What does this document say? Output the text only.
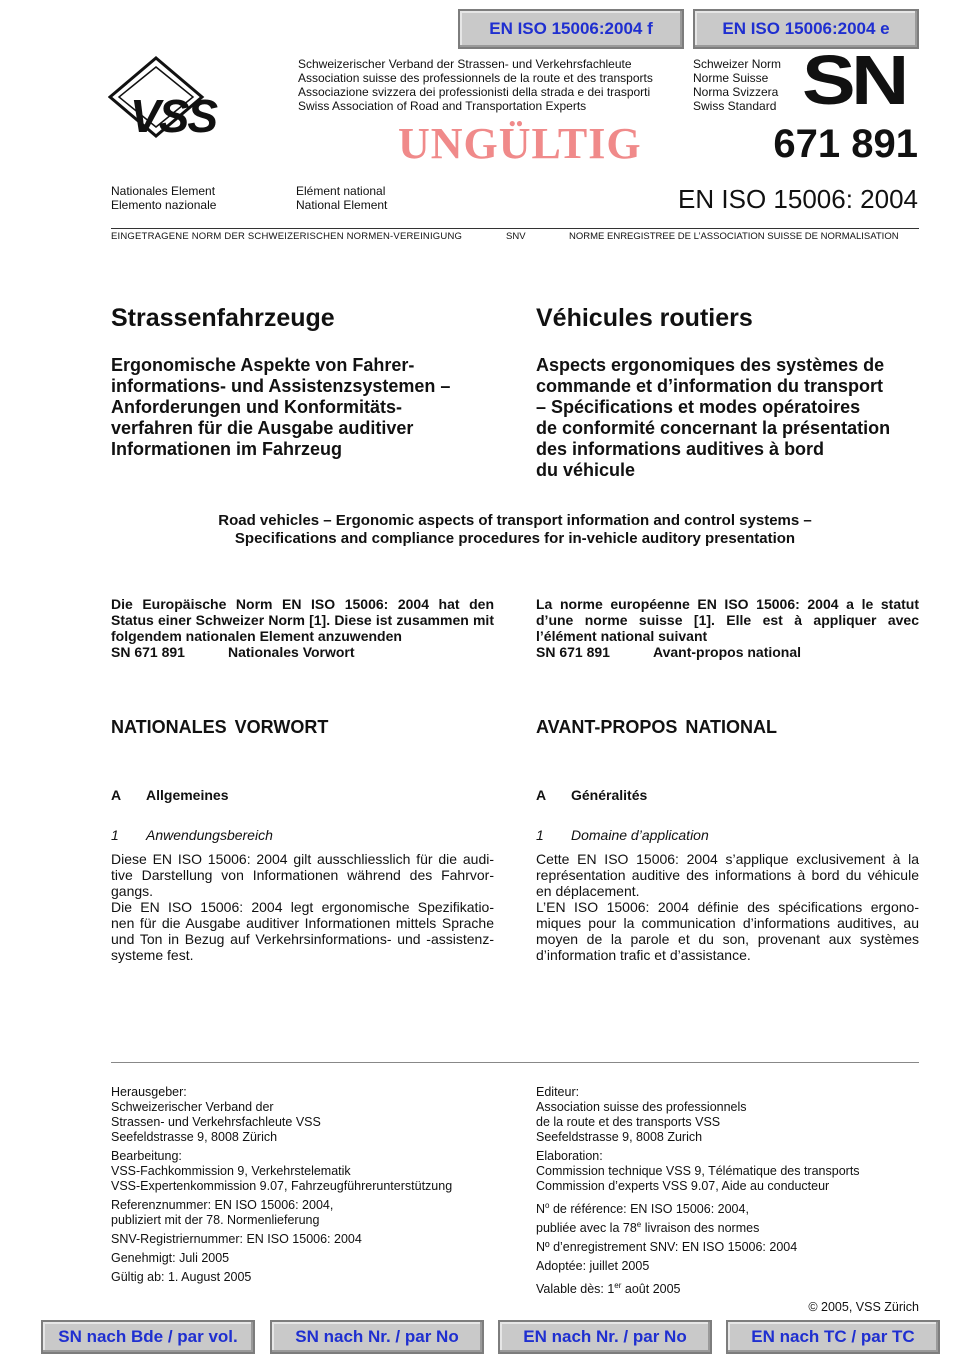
EN ISO 15006:2004 f	EN ISO 15006:2004 e
VSS
Schweizerischer Verband der Strassen- und Verkehrsfachleute
Association suisse des professionnels de la route et des transports
Associazione svizzera dei professionisti della strada e dei trasporti
Swiss Association of Road and Transportation Experts
Schweizer Norm
Norme Suisse
Norma Svizzera
Swiss Standard SN
UNGÜLTIG	671 891
Nationales Element
Elemento nazionale
Elément national
National Element	EN ISO 15006: 2004
EINGETRAGENE NORM DER SCHWEIZERISCHEN NORMEN-VEREINIGUNG	SNV	NORME ENREGISTREE DE L’ASSOCIATION SUISSE DE NORMALISATION
Strassenfahrzeuge	Véhicules routiers
Ergonomische Aspekte von Fahrer-
informations- und Assistenzsystemen –
Anforderungen und Konformitäts-
verfahren für die Ausgabe auditiver
Informationen im Fahrzeug
Aspects ergonomiques des systèmes de
commande et d’information du transport
– Spécifications et modes opératoires
de conformité concernant la présentation
des informations auditives à bord
du véhicule
Road vehicles – Ergonomic aspects of transport information and control systems –
Specifications and compliance procedures for in-vehicle auditory presentation
Die Europäische Norm EN ISO 15006: 2004 hat den Status einer Schweizer Norm [1]. Diese ist zusammen mit folgendem nationalen Element anzuwenden
SN 671 891	Nationales Vorwort
La norme européenne EN ISO 15006: 2004 a le statut d’une norme suisse [1]. Elle est à appliquer avec l’élément national suivant
SN 671 891	Avant-propos national
NATIONALES VORWORT	AVANT-PROPOS NATIONAL
A Allgemeines	A Généralités
1 Anwendungsbereich	1 Domaine d’application
Diese EN ISO 15006: 2004 gilt ausschliesslich für die audi-
tive Darstellung von Informationen während des Fahrvor-
gangs.
Die EN ISO 15006: 2004 legt ergonomische Spezifikatio-
nen für die Ausgabe auditiver Informationen mittels Sprache
und Ton in Bezug auf Verkehrsinformations- und -assistenz-
systeme fest.
Cette EN ISO 15006: 2004 s’applique exclusivement à la
représentation auditive des informations à bord du véhicule
en déplacement.
L’EN ISO 15006: 2004 définie des spécifications ergono-
miques pour la communication d’informations auditives, au
moyen de la parole et du son, provenant aux systèmes
d’information trafic et d’assistance.
Herausgeber:
Schweizerischer Verband der
Strassen- und Verkehrsfachleute VSS
Seefeldstrasse 9, 8008 Zürich
Bearbeitung:
VSS-Fachkommission 9, Verkehrstelematik
VSS-Expertenkommission 9.07, Fahrzeugführerunterstützung
Referenznummer: EN ISO 15006: 2004,
publiziert mit der 78. Normenlieferung
SNV-Registriernummer: EN ISO 15006: 2004
Genehmigt: Juli 2005
Gültig ab: 1. August 2005
Editeur:
Association suisse des professionnels
de la route et des transports VSS
Seefeldstrasse 9, 8008 Zurich
Elaboration:
Commission technique VSS 9, Télématique des transports
Commission d’experts VSS 9.07, Aide au conducteur
$N^o$ de référence: EN ISO 15006: 2004,
publiée avec la 78e livraison des normes
Nº d’enregistrement SNV: EN ISO 15006: 2004
Adoptée: juillet 2005
Valable dès: 1er août 2005
© 2005, VSS Zürich
SN nach Bde / par vol.	SN nach Nr. / par No	EN nach Nr. / par No	EN nach TC / par TC
